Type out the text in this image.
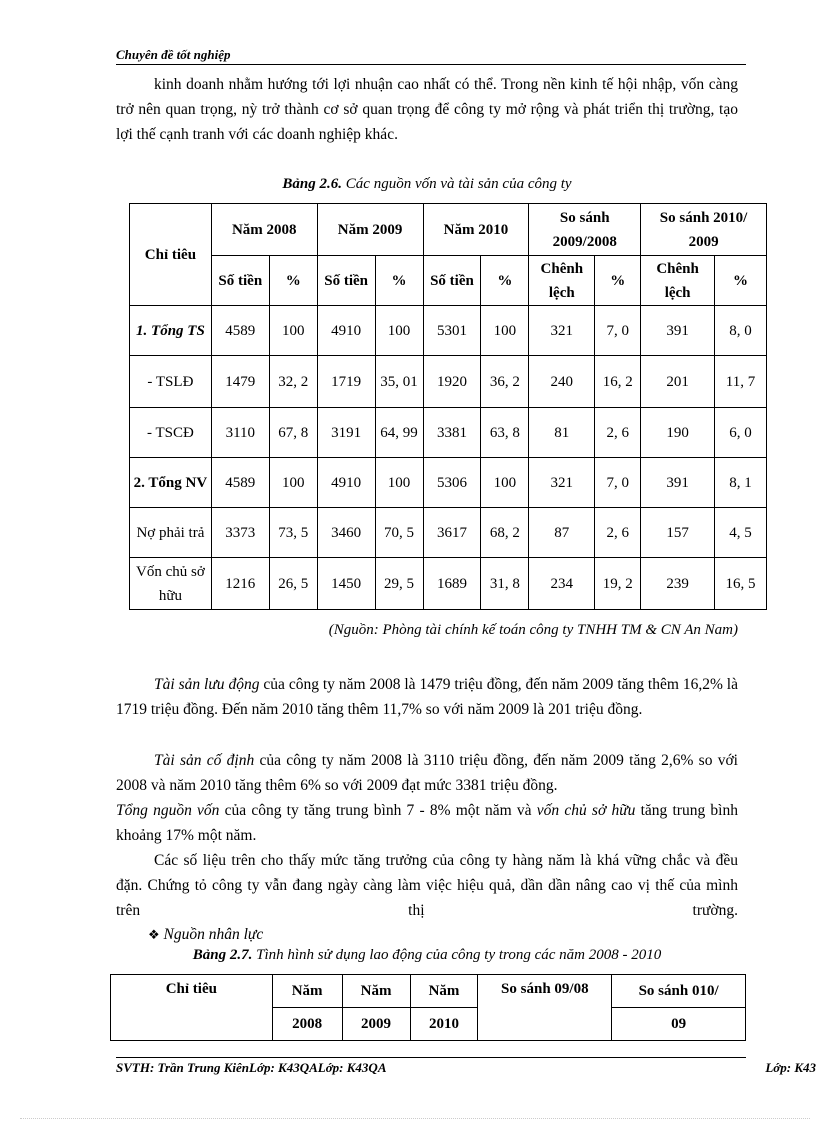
Chuyên đề tốt nghiệp
kinh doanh nhằm hướng tới lợi nhuận cao nhất có thể. Trong nền kinh tế hội nhập, vốn càng trở nên quan trọng, nỳ trở thành cơ sở quan trọng để công ty mở rộng và phát triển thị trường, tạo lợi thế cạnh tranh với các doanh nghiệp khác.
Bảng 2.6. Các nguồn vốn và tài sản của công ty
Chỉ tiêu	Năm 2008		Năm 2009		Năm 2010		So sánh 2009/2008		So sánh 2010/ 2009	
	Số tiền	%	Số tiền	%	Số tiền	%	Chênh lệch	%	Chênh lệch	%
1. Tổng TS	4589	100	4910	100	5301	100	321	7, 0	391	8, 0
- TSLĐ	1479	32, 2	1719	35, 01	1920	36, 2	240	16, 2	201	11, 7
- TSCĐ	3110	67, 8	3191	64, 99	3381	63, 8	81	2, 6	190	6, 0
2. Tổng NV	4589	100	4910	100	5306	100	321	7, 0	391	8, 1
Nợ phải trả	3373	73, 5	3460	70, 5	3617	68, 2	87	2, 6	157	4, 5
Vốn chủ sở hữu	1216	26, 5	1450	29, 5	1689	31, 8	234	19, 2	239	16, 5
(Nguồn: Phòng tài chính kế toán công ty TNHH TM & CN An Nam)
Tài sản lưu động của công ty năm 2008 là 1479 triệu đồng, đến năm 2009 tăng thêm 16,2% là 1719 triệu đồng. Đến năm 2010 tăng thêm 11,7% so với năm 2009 là 201 triệu đồng.
Tài sản cố định của công ty năm 2008 là 3110 triệu đồng, đến năm 2009 tăng 2,6% so với 2008 và năm 2010 tăng thêm 6% so với 2009 đạt mức 3381 triệu đồng.
Tổng nguồn vốn của công ty tăng trung bình 7 - 8% một năm và vốn chủ sở hữu tăng trung bình khoảng 17% một năm.
Các số liệu trên cho thấy mức tăng trưởng của công ty hàng năm là khá vững chắc và đều đặn. Chứng tỏ công ty vẫn đang ngày càng làm việc hiệu quả, dần dần nâng cao vị thế của mình trên thị trường.
❖ Nguồn nhân lực
Bảng 2.7. Tình hình sử dụng lao động của công ty trong các năm 2008 - 2010
Chỉ tiêu	Năm	Năm	Năm	So sánh 09/08	So sánh 010/
	2008	2009	2010		09
SVTH: Trần Trung KiênLớp: K43QALớp: K43QA	Lớp: K43
